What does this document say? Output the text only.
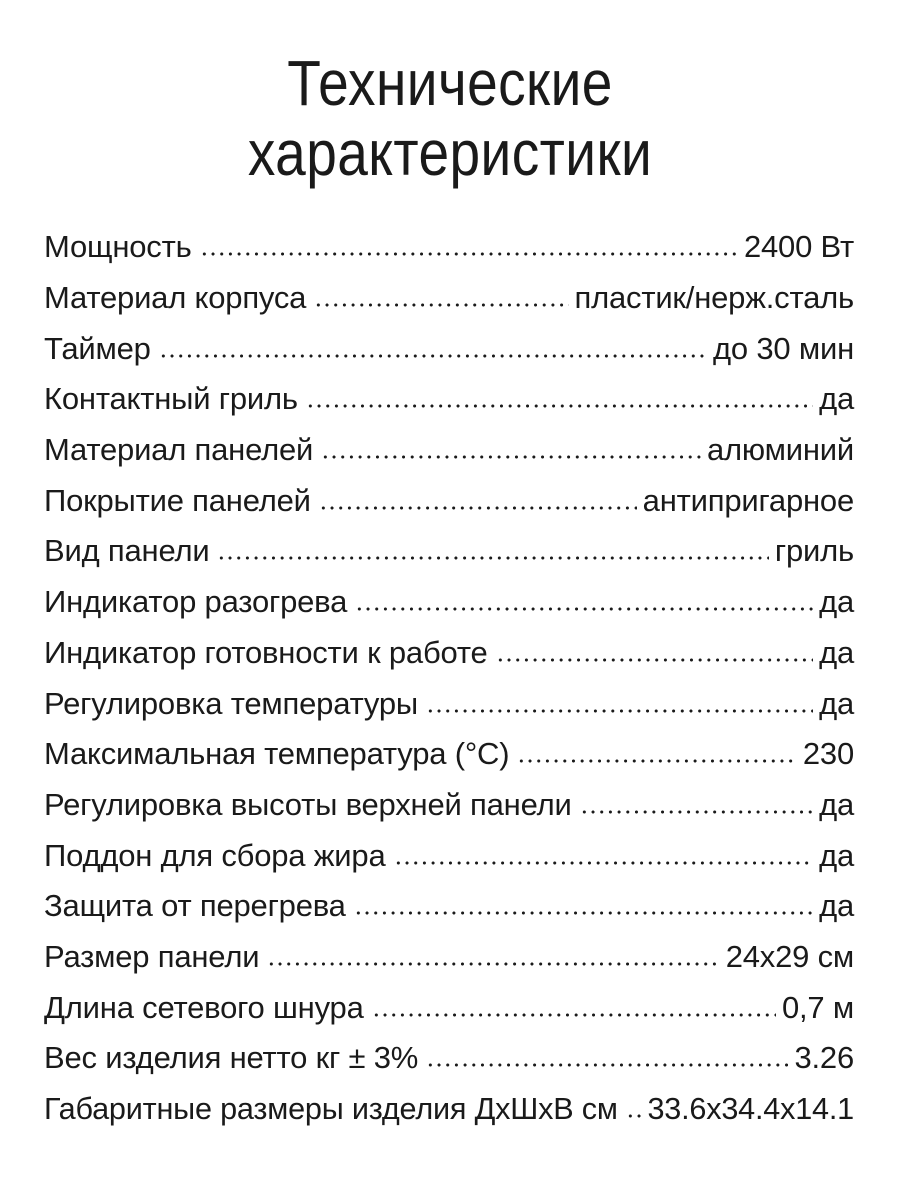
Технические
характеристики
Мощность	2400 Вт
Материал корпуса	пластик/нерж.сталь
Таймер	до 30 мин
Контактный гриль	да
Материал панелей	алюминий
Покрытие панелей	антипригарное
Вид панели	гриль
Индикатор разогрева	да
Индикатор готовности к работе	да
Регулировка температуры	да
Максимальная температура (°C)	230
Регулировка высоты верхней панели	да
Поддон для сбора жира	да
Защита от перегрева	да
Размер панели	24x29 см
Длина сетевого шнура	0,7 м
Вес изделия нетто кг ± 3%	3.26
Габаритные размеры изделия ДхШхВ см 33.6x34.4x14.1
